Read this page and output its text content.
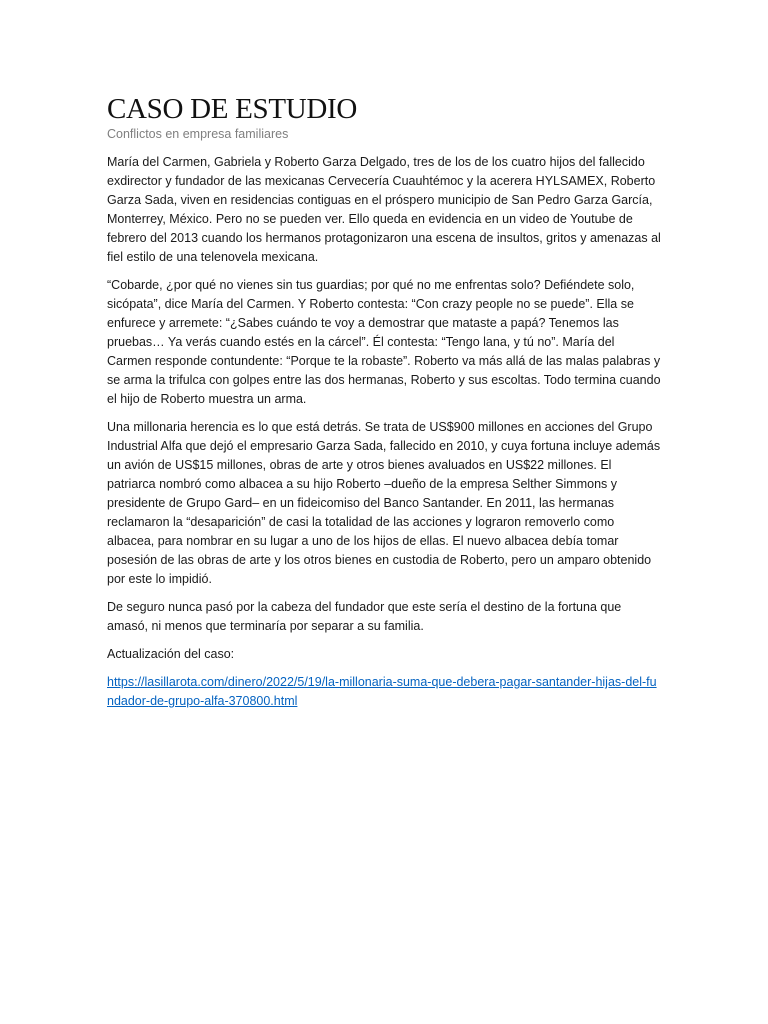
CASO DE ESTUDIO

Conflictos en empresa familiares

María del Carmen, Gabriela y Roberto Garza Delgado, tres de los de los cuatro hijos del fallecido exdirector y fundador de las mexicanas Cervecería Cuauhtémoc y la acerera HYLSAMEX, Roberto Garza Sada, viven en residencias contiguas en el próspero municipio de San Pedro Garza García, Monterrey, México. Pero no se pueden ver. Ello queda en evidencia en un video de Youtube de febrero del 2013 cuando los hermanos protagonizaron una escena de insultos, gritos y amenazas al fiel estilo de una telenovela mexicana.

“Cobarde, ¿por qué no vienes sin tus guardias; por qué no me enfrentas solo? Defiéndete solo, sicópata”, dice María del Carmen. Y Roberto contesta: “Con crazy people no se puede”. Ella se enfurece y arremete: “¿Sabes cuándo te voy a demostrar que mataste a papá? Tenemos las pruebas… Ya verás cuando estés en la cárcel”. Él contesta: “Tengo lana, y tú no”. María del Carmen responde contundente: “Porque te la robaste”. Roberto va más allá de las malas palabras y se arma la trifulca con golpes entre las dos hermanas, Roberto y sus escoltas. Todo termina cuando el hijo de Roberto muestra un arma.

Una millonaria herencia es lo que está detrás. Se trata de US$900 millones en acciones del Grupo Industrial Alfa que dejó el empresario Garza Sada, fallecido en 2010, y cuya fortuna incluye además un avión de US$15 millones, obras de arte y otros bienes avaluados en US$22 millones. El patriarca nombró como albacea a su hijo Roberto –dueño de la empresa Selther Simmons y presidente de Grupo Gard– en un fideicomiso del Banco Santander. En 2011, las hermanas reclamaron la “desaparición” de casi la totalidad de las acciones y lograron removerlo como albacea, para nombrar en su lugar a uno de los hijos de ellas. El nuevo albacea debía tomar posesión de las obras de arte y los otros bienes en custodia de Roberto, pero un amparo obtenido por este lo impidió.

De seguro nunca pasó por la cabeza del fundador que este sería el destino de la fortuna que amasó, ni menos que terminaría por separar a su familia.

Actualización del caso:

https://lasillarota.com/dinero/2022/5/19/la-millonaria-suma-que-debera-pagar-santander-hijas-del-fundador-de-grupo-alfa-370800.html
